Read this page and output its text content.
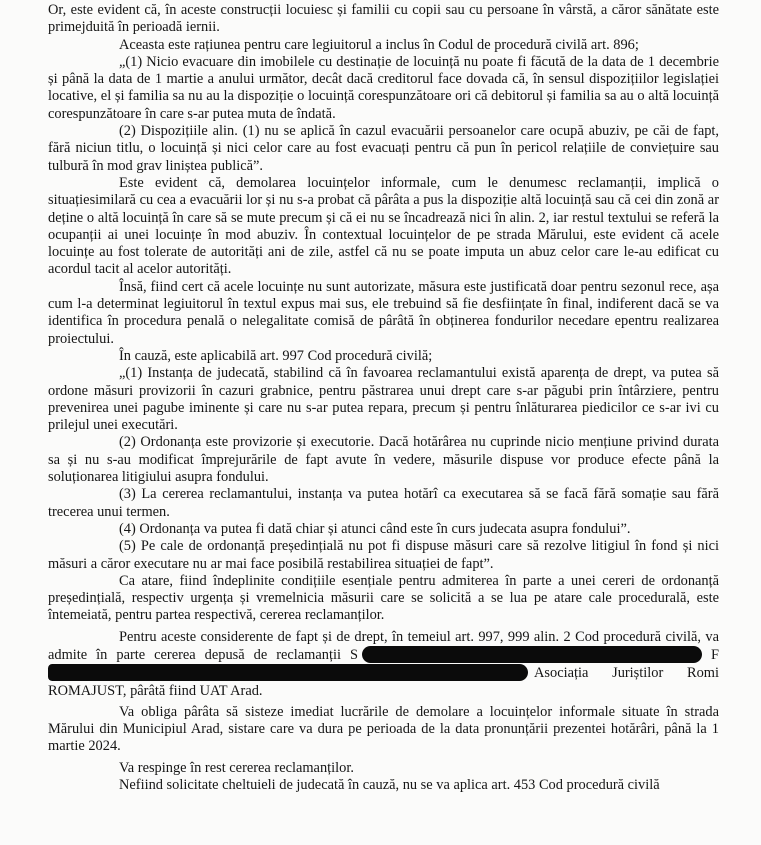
Or, este evident că, în aceste construcții locuiesc și familii cu copii sau cu persoane în vârstă, a căror sănătate este primejduită în perioadă iernii.

Aceasta este rațiunea pentru care legiuitorul a inclus în Codul de procedură civilă art. 896;

„(1) Nicio evacuare din imobilele cu destinație de locuință nu poate fi făcută de la data de 1 decembrie și până la data de 1 martie a anului următor, decât dacă creditorul face dovada că, în sensul dispozițiilor legislației locative, el și familia sa nu au la dispoziție o locuință corespunzătoare ori că debitorul și familia sa au o altă locuință corespunzătoare în care s-ar putea muta de îndată.

(2) Dispozițiile alin. (1) nu se aplică în cazul evacuării persoanelor care ocupă abuziv, pe căi de fapt, fără niciun titlu, o locuință și nici celor care au fost evacuați pentru că pun în pericol relațiile de conviețuire sau tulbură în mod grav liniștea publică”.

Este evident că, demolarea locuințelor informale, cum le denumesc reclamanții, implică o situațiesimilară cu cea a evacuării lor și nu s-a probat că pârâta a pus la dispoziție altă locuință sau că cei din zonă ar deține o altă locuință în care să se mute precum și că ei nu se încadrează nici în alin. 2, iar restul textului se referă la ocupanții ai unei locuințe în mod abuziv. În contextual locuințelor de pe strada Mărului, este evident că acele locuințe au fost tolerate de autorități ani de zile, astfel că nu se poate imputa un abuz celor care le-au edificat cu acordul tacit al acelor autorități.

Însă, fiind cert că acele locuințe nu sunt autorizate, măsura este justificată doar pentru sezonul rece, așa cum l-a determinat legiuitorul în textul expus mai sus, ele trebuind să fie desființate în final, indiferent dacă se va identifica în procedura penală o nelegalitate comisă de pârâtă în obținerea fondurilor necedare epentru realizarea proiectului.

În cauză, este aplicabilă art. 997 Cod procedură civilă;

„(1) Instanța de judecată, stabilind că în favoarea reclamantului există aparența de drept, va putea să ordone măsuri provizorii în cazuri grabnice, pentru păstrarea unui drept care s-ar păgubi prin întârziere, pentru prevenirea unei pagube iminente și care nu s-ar putea repara, precum și pentru înlăturarea piedicilor ce s-ar ivi cu prilejul unei executări.

(2) Ordonanța este provizorie și executorie. Dacă hotărârea nu cuprinde nicio mențiune privind durata sa și nu s-au modificat împrejurările de fapt avute în vedere, măsurile dispuse vor produce efecte până la soluționarea litigiului asupra fondului.

(3) La cererea reclamantului, instanța va putea hotărî ca executarea să se facă fără somație sau fără trecerea unui termen.

(4) Ordonanța va putea fi dată chiar și atunci când este în curs judecata asupra fondului”.

(5) Pe cale de ordonanță președințială nu pot fi dispuse măsuri care să rezolve litigiul în fond și nici măsuri a căror executare nu ar mai face posibilă restabilirea situației de fapt”.

Ca atare, fiind îndeplinite condițiile esențiale pentru admiterea în parte a unei cereri de ordonanță președințială, respectiv urgența și vremelnicia măsurii care se solicită a se lua pe atare cale procedurală, este întemeiată, pentru partea respectivă, cererea reclamanților.

Pentru aceste considerente de fapt și de drept, în temeiul art. 997, 999 alin. 2 Cod procedură civilă, va admite în parte cererea depusă de reclamanții S	FAsociația Juriștilor Romi ROMAJUST, pârâtă fiind UAT Arad.

Va obliga pârâta să sisteze imediat lucrările de demolare a locuințelor informale situate în strada Mărului din Municipiul Arad, sistare care va dura pe perioada de la data pronunțării prezentei hotărâri, până la 1 martie 2024.

Va respinge în rest cererea reclamanților.

Nefiind solicitate cheltuieli de judecată în cauză, nu se va aplica art. 453 Cod procedură civilă
